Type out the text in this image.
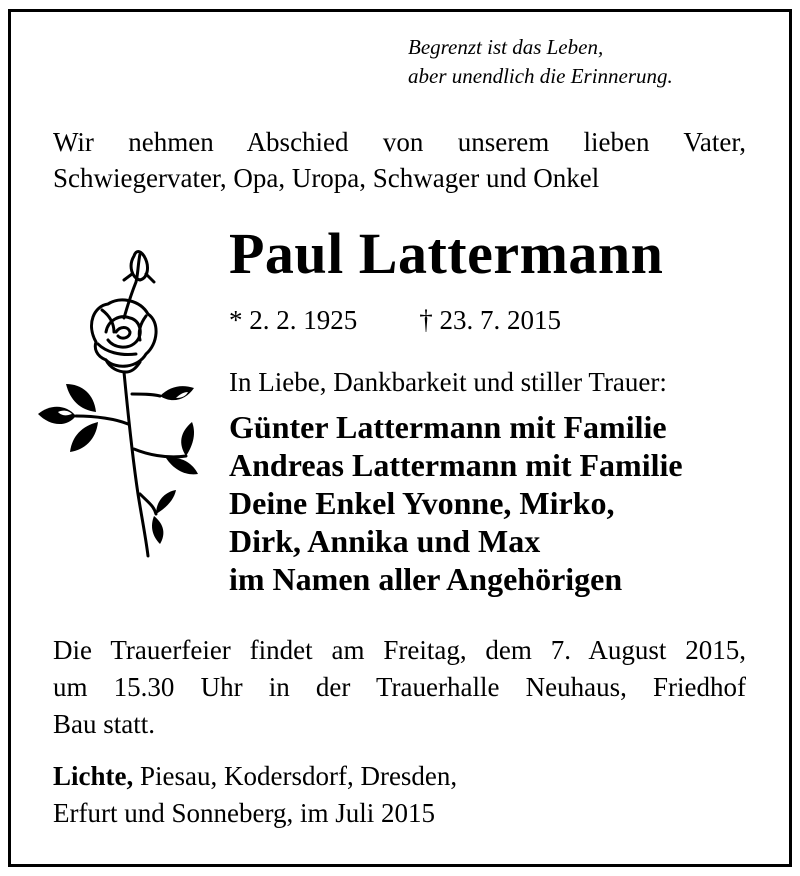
Begrenzt ist das Leben,
aber unendlich die Erinnerung.
Wir nehmen Abschied von unserem lieben Vater,
Schwiegervater, Opa, Uropa, Schwager und Onkel
Paul Lattermann
* 2. 2. 1925 † 23. 7. 2015
In Liebe, Dankbarkeit und stiller Trauer:
Günter Lattermann mit Familie
Andreas Lattermann mit Familie
Deine Enkel Yvonne, Mirko,
Dirk, Annika und Max
im Namen aller Angehörigen
Die Trauerfeier findet am Freitag, dem 7. August 2015,
um 15.30 Uhr in der Trauerhalle Neuhaus, Friedhof
Bau statt.
Lichte, Piesau, Kodersdorf, Dresden,
Erfurt und Sonneberg, im Juli 2015
